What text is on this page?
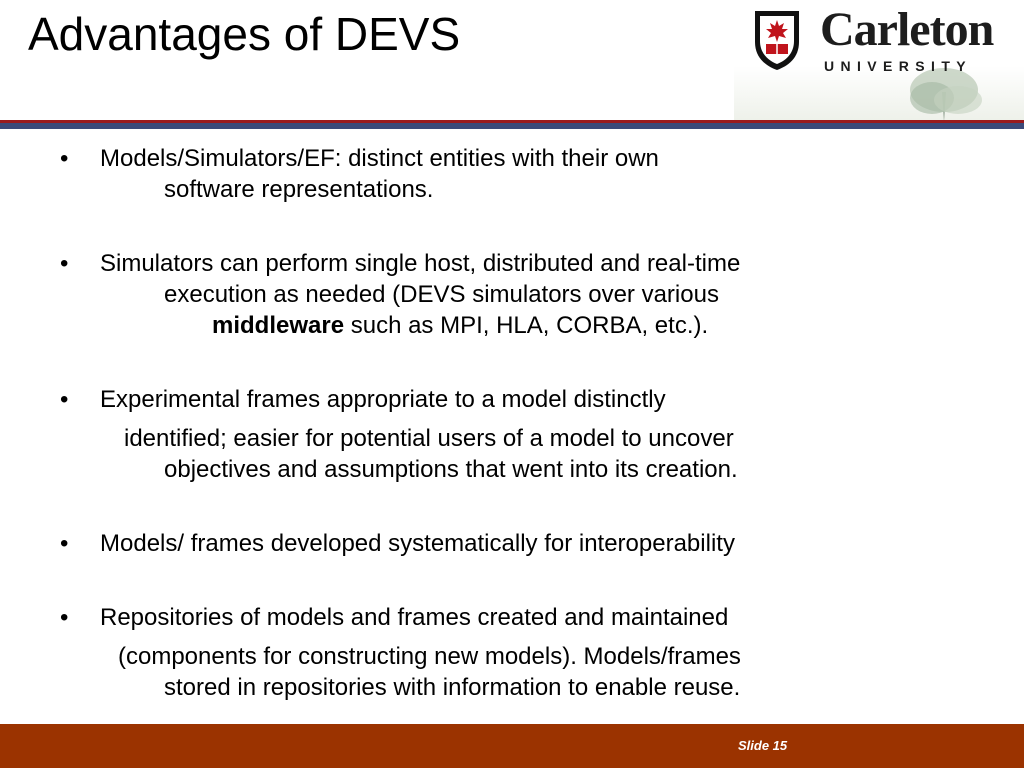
Advantages of DEVS	Carleton
UNIVERSITY
• Models/Simulators/EF: distinct entities with their own
software representations.
• Simulators can perform single host, distributed and real-time
execution as needed (DEVS simulators over various
middleware such as MPI, HLA, CORBA, etc.).
• Experimental frames appropriate to a model distinctly
identified; easier for potential users of a model to uncover
objectives and assumptions that went into its creation.
• Models/ frames developed systematically for interoperability
• Repositories of models and frames created and maintained
(components for constructing new models). Models/frames
stored in repositories with information to enable reuse.
Slide 15
